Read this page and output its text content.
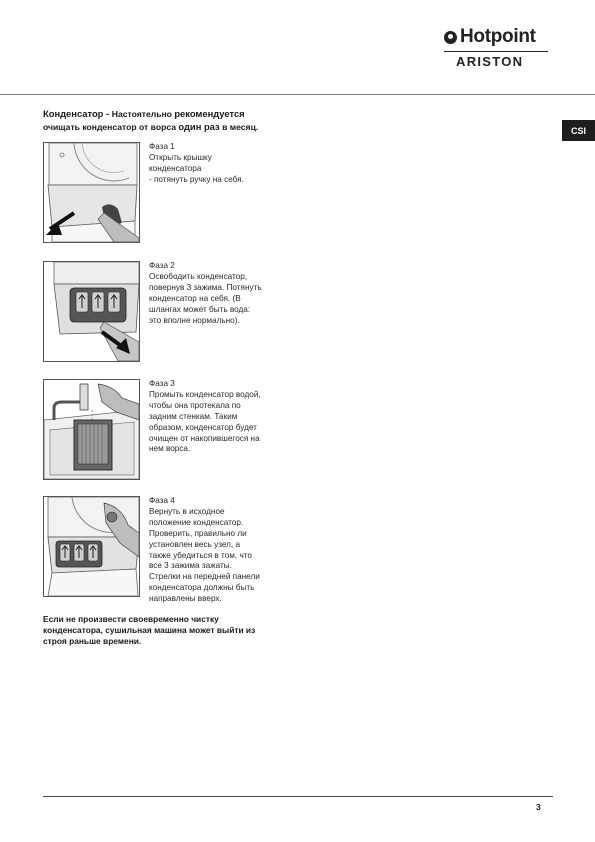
Hotpoint
ARISTON
CSI
Конденсатор - Настоятельно рекомендуется
очищать конденсатор от ворса один раз в месяц.
Фаза 1
Открыть крышку
конденсатора
- потянуть ручку на себя.
Фаза 2
Освободить конденсатор,
повернув 3 зажима. Потянуть
конденсатор на себя. (В
шлангах может быть вода:
это вполне нормально).
Фаза 3
Промыть конденсатор водой,
чтобы она протекала по
задним стенкам. Таким
образом, конденсатор будет
очищен от накопившегося на
нем ворса.
Фаза 4
Вернуть в исходное
положение конденсатор.
Проверить, правильно ли
установлен весь узел, а
также убедиться в том, что
все 3 зажима зажаты.
Стрелки на передней панели
конденсатора должны быть
направлены вверх.
Если не произвести своевременно чистку
конденсатора, сушильная машина может выйти из
строя раньше времени.
3
